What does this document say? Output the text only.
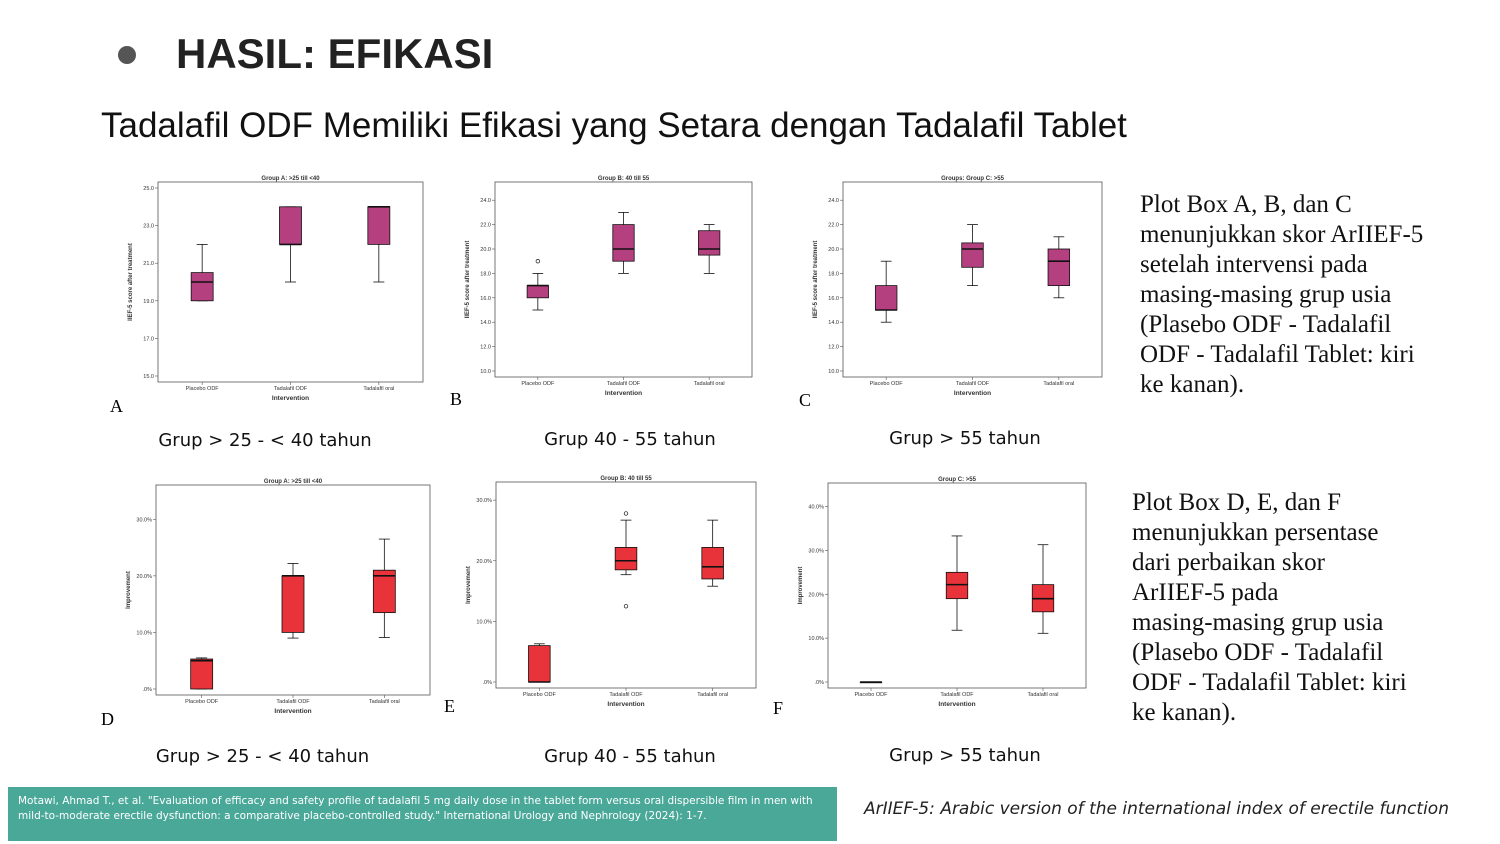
HASIL: EFIKASI
Tadalafil ODF Memiliki Efikasi yang Setara dengan Tadalafil Tablet
Group A: >25 till <40
15.0
17.0
19.0
21.0
23.0
25.0
IIEF-5 score after treatment
Placebo ODF	Tadalafil ODF	Tadalafil oral
Intervention
Group B: 40 till 55
10.0
12.0
14.0
16.0
18.0
20.0
22.0
24.0
IIEF-5 score after treatment
Placebo ODF	Tadalafil ODF	Tadalafil oral
Intervention
Groups: Group C: >55
10.0
12.0
14.0
16.0
18.0
20.0
22.0
24.0
IIEF-5 score after treatment
Placebo ODF	Tadalafil ODF	Tadalafil oral
Intervention
Group A: >25 till <40
.0%
10.0%
20.0%
30.0%
Improvement
Placebo ODF	Tadalafil ODF	Tadalafil oral
Intervention
Group B: 40 till 55
.0%
10.0%
20.0%
30.0%
Improvement
Placebo ODF	Tadalafil ODF	Tadalafil oral
Intervention
Group C: >55
.0%
10.0%
20.0%
30.0%
40.0%
Improvement
Placebo ODF	Tadalafil ODF	Tadalafil oral
Intervention
A	B	C
D
E	F
Grup > 25 - < 40 tahun	Grup 40 - 55 tahun	Grup > 55 tahun
Grup > 25 - < 40 tahun	Grup 40 - 55 tahun	Grup > 55 tahun
Plot Box A, B, dan C
menunjukkan skor ArIIEF-5
setelah intervensi pada
masing-masing grup usia
(Plasebo ODF - Tadalafil
ODF - Tadalafil Tablet: kiri
ke kanan).
Plot Box D, E, dan F
menunjukkan persentase
dari perbaikan skor
ArIIEF-5 pada
masing-masing grup usia
(Plasebo ODF - Tadalafil
ODF - Tadalafil Tablet: kiri
ke kanan).
Motawi, Ahmad T., et al. "Evaluation of efficacy and safety profile of tadalafil 5 mg daily dose in the tablet form versus oral dispersible film in men with
mild-to-moderate erectile dysfunction: a comparative placebo-controlled study." International Urology and Nephrology (2024): 1-7.	ArIIEF-5: Arabic version of the international index of erectile function
